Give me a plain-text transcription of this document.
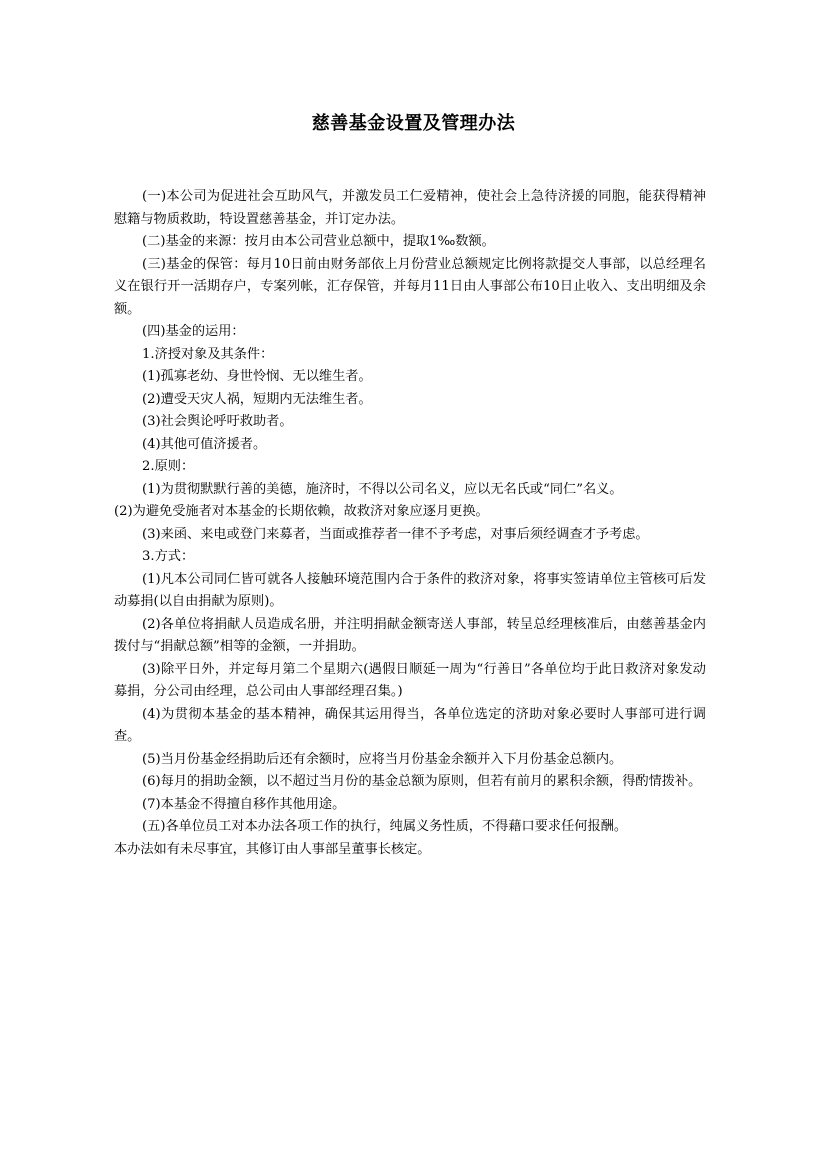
慈善基金设置及管理办法

(一)本公司为促进社会互助风气，并激发员工仁爱精神，使社会上急待济援的同胞，能获得精神慰籍与物质救助，特设置慈善基金，并订定办法。

(二)基金的来源：按月由本公司营业总额中，提取1‰数额。

(三)基金的保管：每月10日前由财务部依上月份营业总额规定比例将款提交人事部，以总经理名义在银行开一活期存户，专案列帐，汇存保管，并每月11日由人事部公布10日止收入、支出明细及余额。

(四)基金的运用：

1.济授对象及其条件：

(1)孤寡老幼、身世怜悯、无以维生者。

(2)遭受天灾人祸，短期内无法维生者。

(3)社会舆论呼吁救助者。

(4)其他可值济援者。

2.原则：

(1)为贯彻默默行善的美德，施济时，不得以公司名义，应以无名氏或“同仁”名义。

(2)为避免受施者对本基金的长期依赖，故救济对象应逐月更换。

(3)来函、来电或登门来募者，当面或推荐者一律不予考虑，对事后须经调查才予考虑。

3.方式：

(1)凡本公司同仁皆可就各人接触环境范围内合于条件的救济对象，将事实签请单位主管核可后发动募捐(以自由捐献为原则)。

(2)各单位将捐献人员造成名册，并注明捐献金额寄送人事部，转呈总经理核准后，由慈善基金内拨付与“捐献总额”相等的金额，一并捐助。

(3)除平日外，并定每月第二个星期六(遇假日顺延一周为“行善日”各单位均于此日救济对象发动募捐，分公司由经理，总公司由人事部经理召集。)

(4)为贯彻本基金的基本精神，确保其运用得当，各单位选定的济助对象必要时人事部可进行调查。

(5)当月份基金经捐助后还有余额时，应将当月份基金余额并入下月份基金总额内。

(6)每月的捐助金额，以不超过当月份的基金总额为原则，但若有前月的累积余额，得酌情拨补。

(7)本基金不得擅自移作其他用途。

(五)各单位员工对本办法各项工作的执行，纯属义务性质，不得藉口要求任何报酬。

本办法如有未尽事宜，其修订由人事部呈董事长核定。
